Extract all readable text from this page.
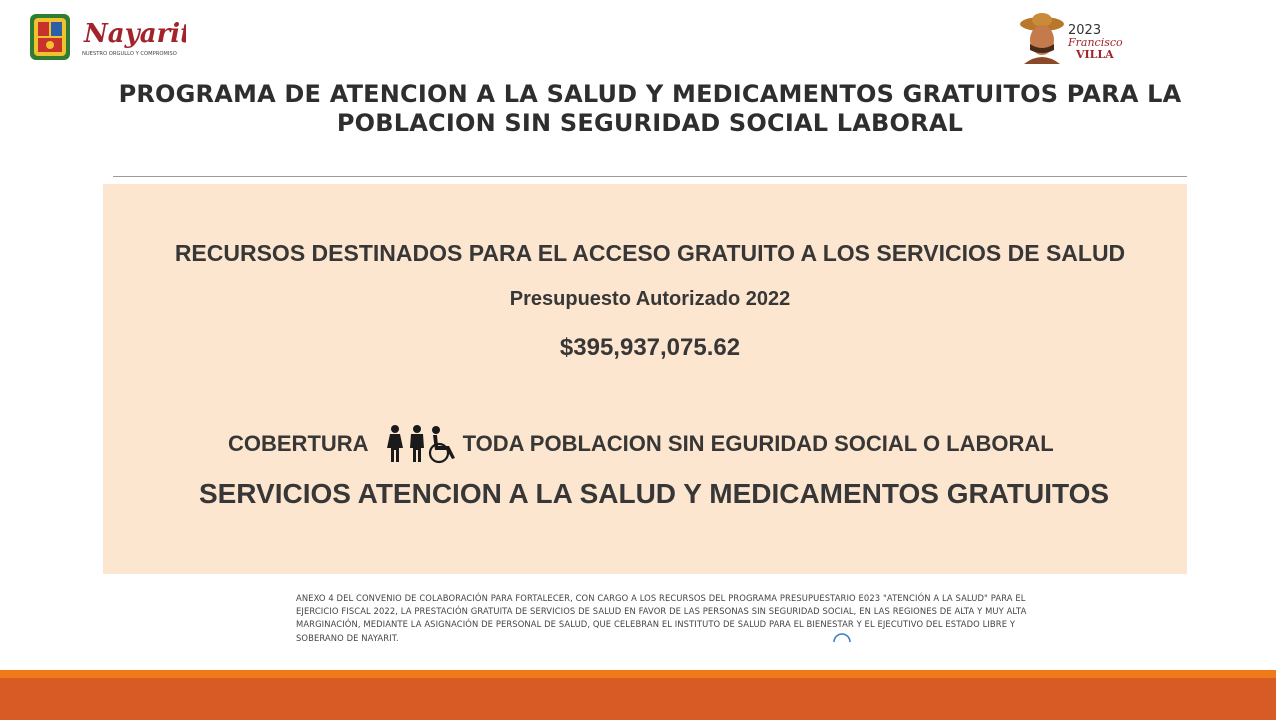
Nayarit
NUESTRO ORGULLO Y COMPROMISO
2023
Francisco
VILLA
2023 Francisco VILLA
PROGRAMA DE ATENCION A LA SALUD Y MEDICAMENTOS GRATUITOS PARA LA POBLACION SIN SEGURIDAD SOCIAL LABORAL
RECURSOS DESTINADOS PARA EL ACCESO GRATUITO A LOS SERVICIOS DE SALUD
Presupuesto Autorizado 2022
$395,937,075.62
COBERTURA	TODA POBLACION SIN EGURIDAD SOCIAL O LABORAL
SERVICIOS ATENCION A LA SALUD Y MEDICAMENTOS GRATUITOS
ANEXO 4 DEL CONVENIO DE COLABORACIÓN PARA FORTALECER, CON CARGO A LOS RECURSOS DEL PROGRAMA PRESUPUESTARIO E023 "ATENCIÓN A LA SALUD" PARA EL EJERCICIO FISCAL 2022, LA PRESTACIÓN GRATUITA DE SERVICIOS DE SALUD EN FAVOR DE LAS PERSONAS SIN SEGURIDAD SOCIAL, EN LAS REGIONES DE ALTA Y MUY ALTA MARGINACIÓN, MEDIANTE LA ASIGNACIÓN DE PERSONAL DE SALUD, QUE CELEBRAN EL INSTITUTO DE SALUD PARA EL BIENESTAR Y EL EJECUTIVO DEL ESTADO LIBRE Y SOBERANO DE NAYARIT.
